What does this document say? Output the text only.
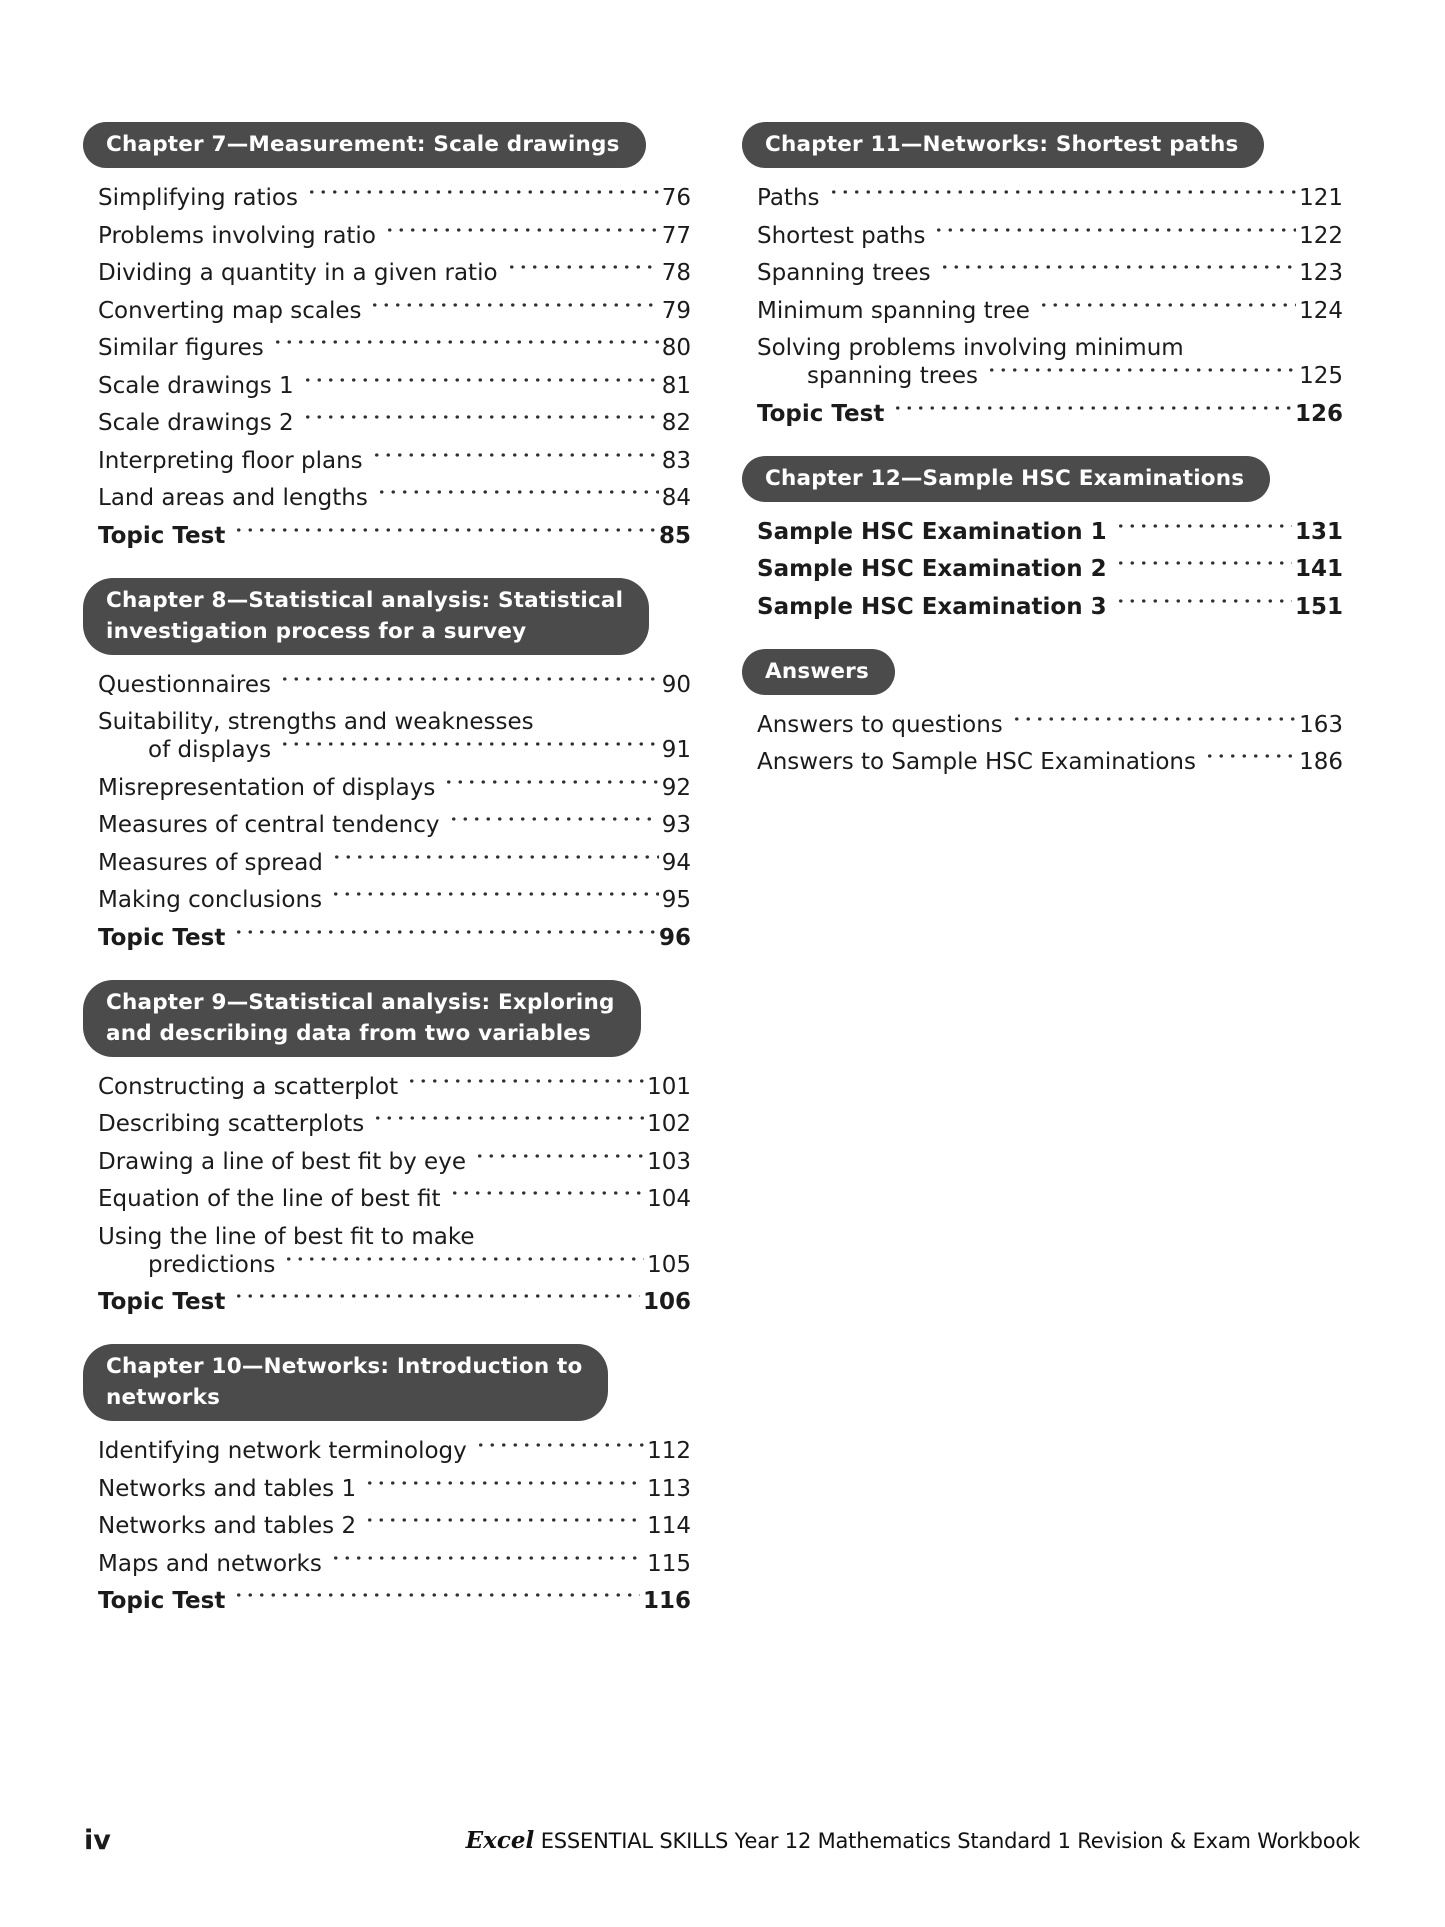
Chapter 7—Measurement: Scale drawings
Simplifying ratios	76
Problems involving ratio	77
Dividing a quantity in a given ratio	78
Converting map scales	79
Similar figures	80
Scale drawings 1	81
Scale drawings 2	82
Interpreting floor plans	83
Land areas and lengths	84
Topic Test	85
Chapter 8—Statistical analysis: Statistical
investigation process for a survey
Questionnaires	90
Suitability, strengths and weaknesses
of displays	91
Misrepresentation of displays	92
Measures of central tendency	93
Measures of spread	94
Making conclusions	95
Topic Test	96
Chapter 9—Statistical analysis: Exploring
and describing data from two variables
Constructing a scatterplot	101
Describing scatterplots	102
Drawing a line of best fit by eye	103
Equation of the line of best fit	104
Using the line of best fit to make
predictions	105
Topic Test	106
Chapter 10—Networks: Introduction to
networks
Identifying network terminology	112
Networks and tables 1	113
Networks and tables 2	114
Maps and networks	115
Topic Test	116
Chapter 11—Networks: Shortest paths
Paths	121
Shortest paths	122
Spanning trees	123
Minimum spanning tree	124
Solving problems involving minimum
spanning trees	125
Topic Test	126
Chapter 12—Sample HSC Examinations
Sample HSC Examination 1	131
Sample HSC Examination 2	141
Sample HSC Examination 3	151
Answers
Answers to questions	163
Answers to Sample HSC Examinations	186
iv	Excel ESSENTIAL SKILLS Year 12 Mathematics Standard 1 Revision & Exam Workbook
